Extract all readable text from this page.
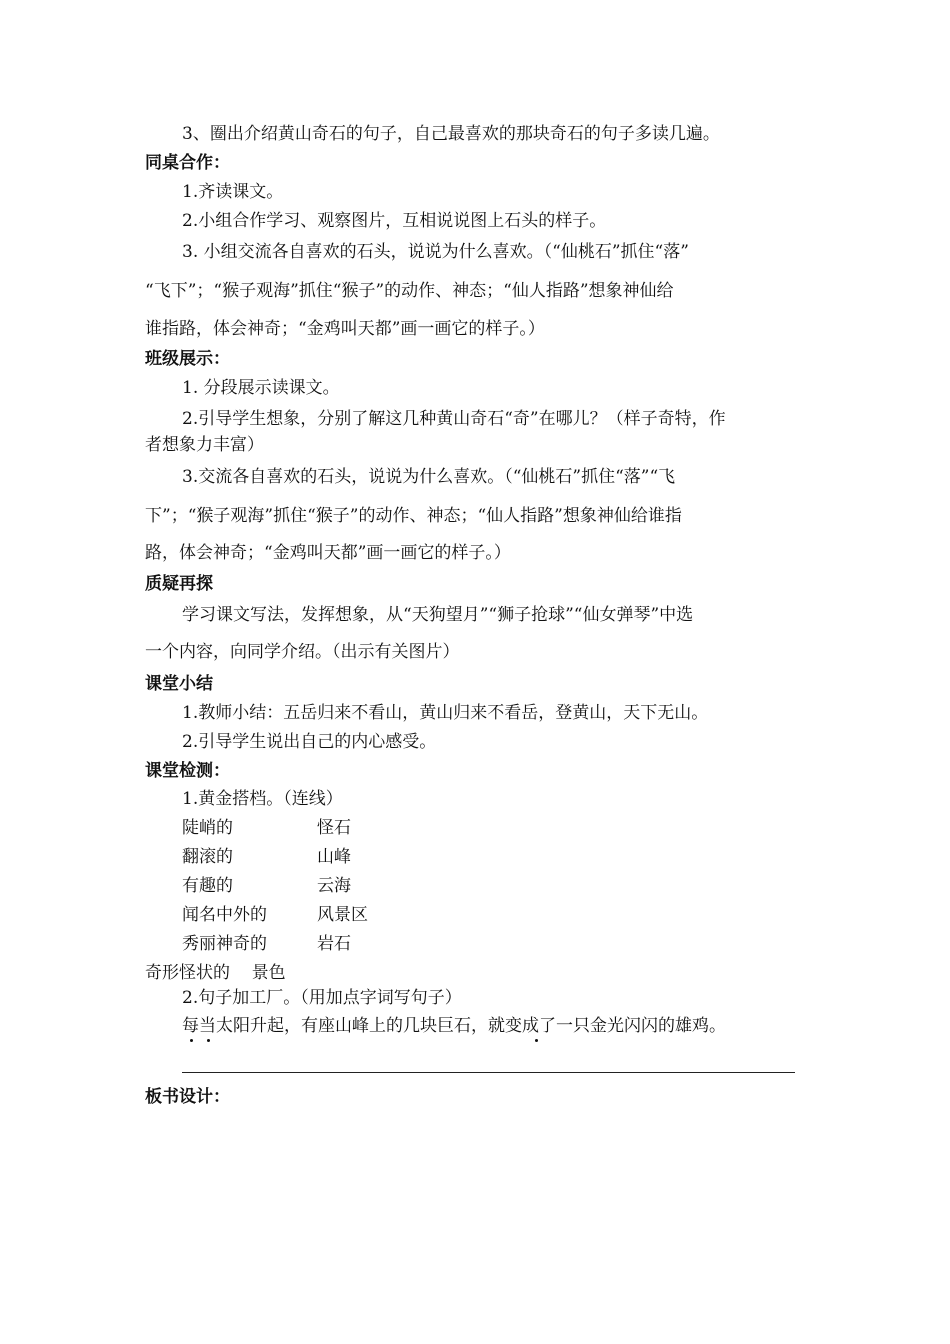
3、圈出介绍黄山奇石的句子，自己最喜欢的那块奇石的句子多读几遍。
同桌合作：
1.齐读课文。
2.小组合作学习、观察图片，互相说说图上石头的样子。
3. 小组交流各自喜欢的石头，说说为什么喜欢。（“仙桃石”抓住“落”
“飞下”；“猴子观海”抓住“猴子”的动作、神态；“仙人指路”想象神仙给
谁指路，体会神奇；“金鸡叫天都”画一画它的样子。）
班级展示：
1. 分段展示读课文。
2.引导学生想象，分别了解这几种黄山奇石“奇”在哪儿？（样子奇特，作
者想象力丰富）
3.交流各自喜欢的石头，说说为什么喜欢。（“仙桃石”抓住“落”“飞
下”；“猴子观海”抓住“猴子”的动作、神态；“仙人指路”想象神仙给谁指
路，体会神奇；“金鸡叫天都”画一画它的样子。）
质疑再探
学习课文写法，发挥想象，从“天狗望月”“狮子抢球”“仙女弹琴”中选
一个内容，向同学介绍。（出示有关图片）
课堂小结
1.教师小结：五岳归来不看山，黄山归来不看岳，登黄山，天下无山。
2.引导学生说出自己的内心感受。
课堂检测：
1.黄金搭档。（连线）
陡峭的	怪石
翻滚的	山峰
有趣的	云海
闻名中外的	风景区
秀丽神奇的	岩石
奇形怪状的    景色
2.句子加工厂。（用加点字词写句子）
每当太阳升起，有座山峰上的几块巨石，就变成了一只金光闪闪的雄鸡。
板书设计：
